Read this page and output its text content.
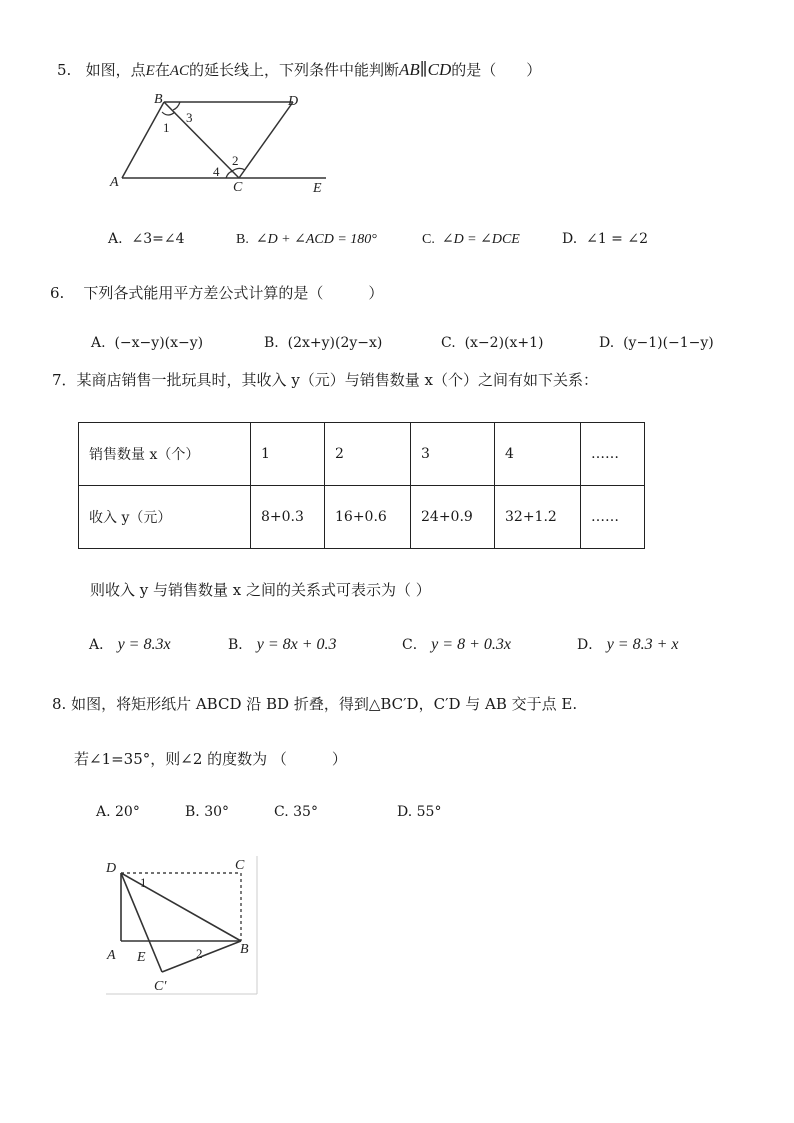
5. 如图，点E在AC的延长线上，下列条件中能判断AB∥CD的是（　　）
B	D
A	C	E
1
3
2
4
A. ∠3=∠4	B. ∠D + ∠ACD = 180°	C. ∠D = ∠DCE	D. ∠1 = ∠2
6. 下列各式能用平方差公式计算的是（　　　）
A. (−x−y)(x−y)	B. (2x+y)(2y−x)	C. (x−2)(x+1)	D. (y−1)(−1−y)
7．某商店销售一批玩具时，其收入 y（元）与销售数量 x（个）之间有如下关系：
销售数量 x（个）	1	2	3	4	……
收入 y（元）	8+0.3	16+0.6	24+0.9	32+1.2	……
则收入 y 与销售数量 x 之间的关系式可表示为（ ）
A． y = 8.3x	B． y = 8x + 0.3	C． y = 8 + 0.3x	D． y = 8.3 + x
8. 如图，将矩形纸片 ABCD 沿 BD 折叠，得到△BC′D，C′D 与 AB 交于点 E.
若∠1=35°，则∠2 的度数为 （　　　）
A. 20°	B. 30°	C. 35°	D. 55°
D	C
A E
B
C′
1
2
